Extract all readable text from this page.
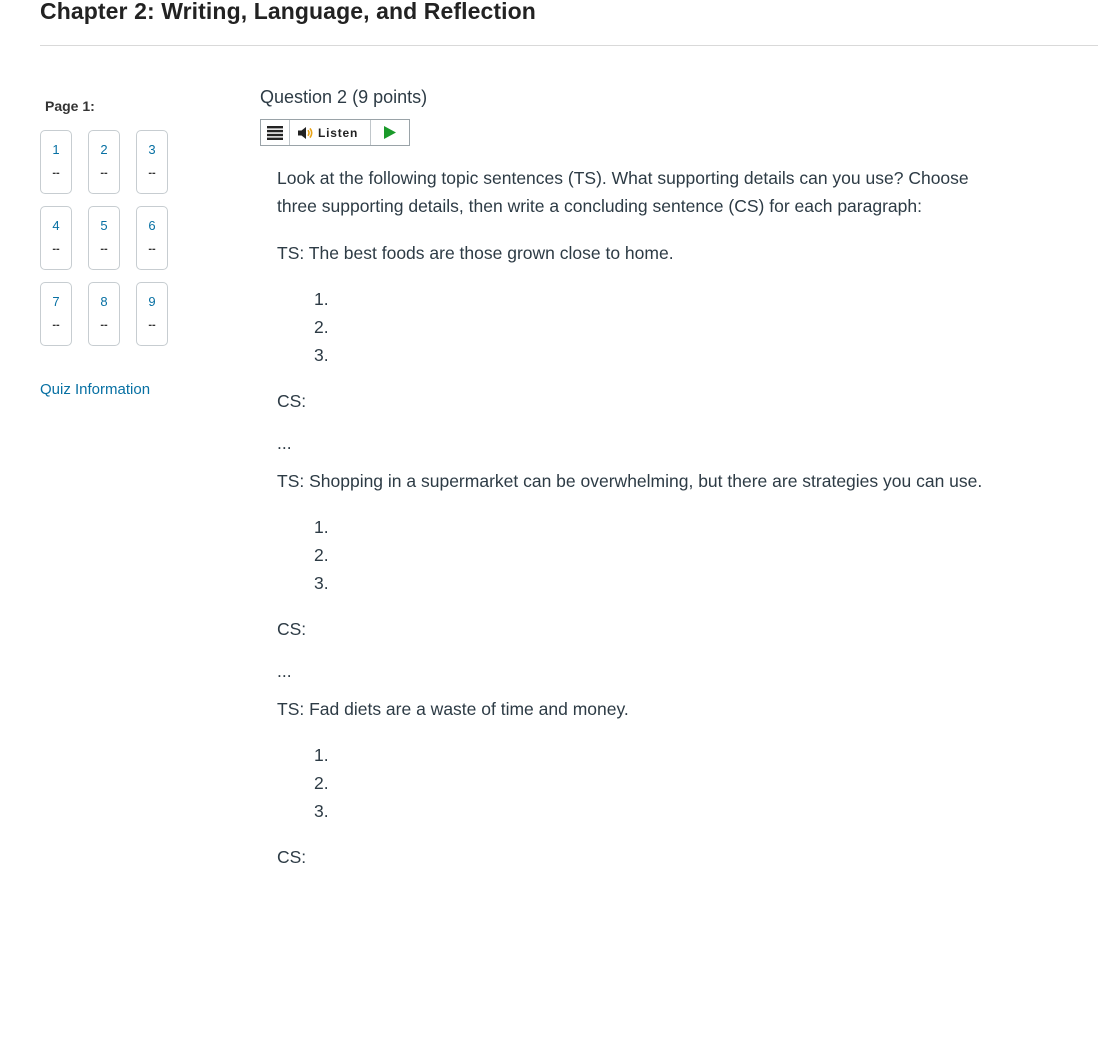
Chapter 2: Writing, Language, and Reflection
Page 1:
1
--
2
--
3
--
4
--
5
--
6
--
7
--
8
--
9
--
Quiz Information
Question 2 (9 points)
Listen

Look at the following topic sentences (TS). What supporting details can you use? Choose three supporting details, then write a concluding sentence (CS) for each paragraph:

TS: The best foods are those grown close to home.

1.
2.
3.

CS:

...

TS: Shopping in a supermarket can be overwhelming, but there are strategies you can use.

1.
2.
3.

CS:

...

TS: Fad diets are a waste of time and money.

1.
2.
3.

CS:
